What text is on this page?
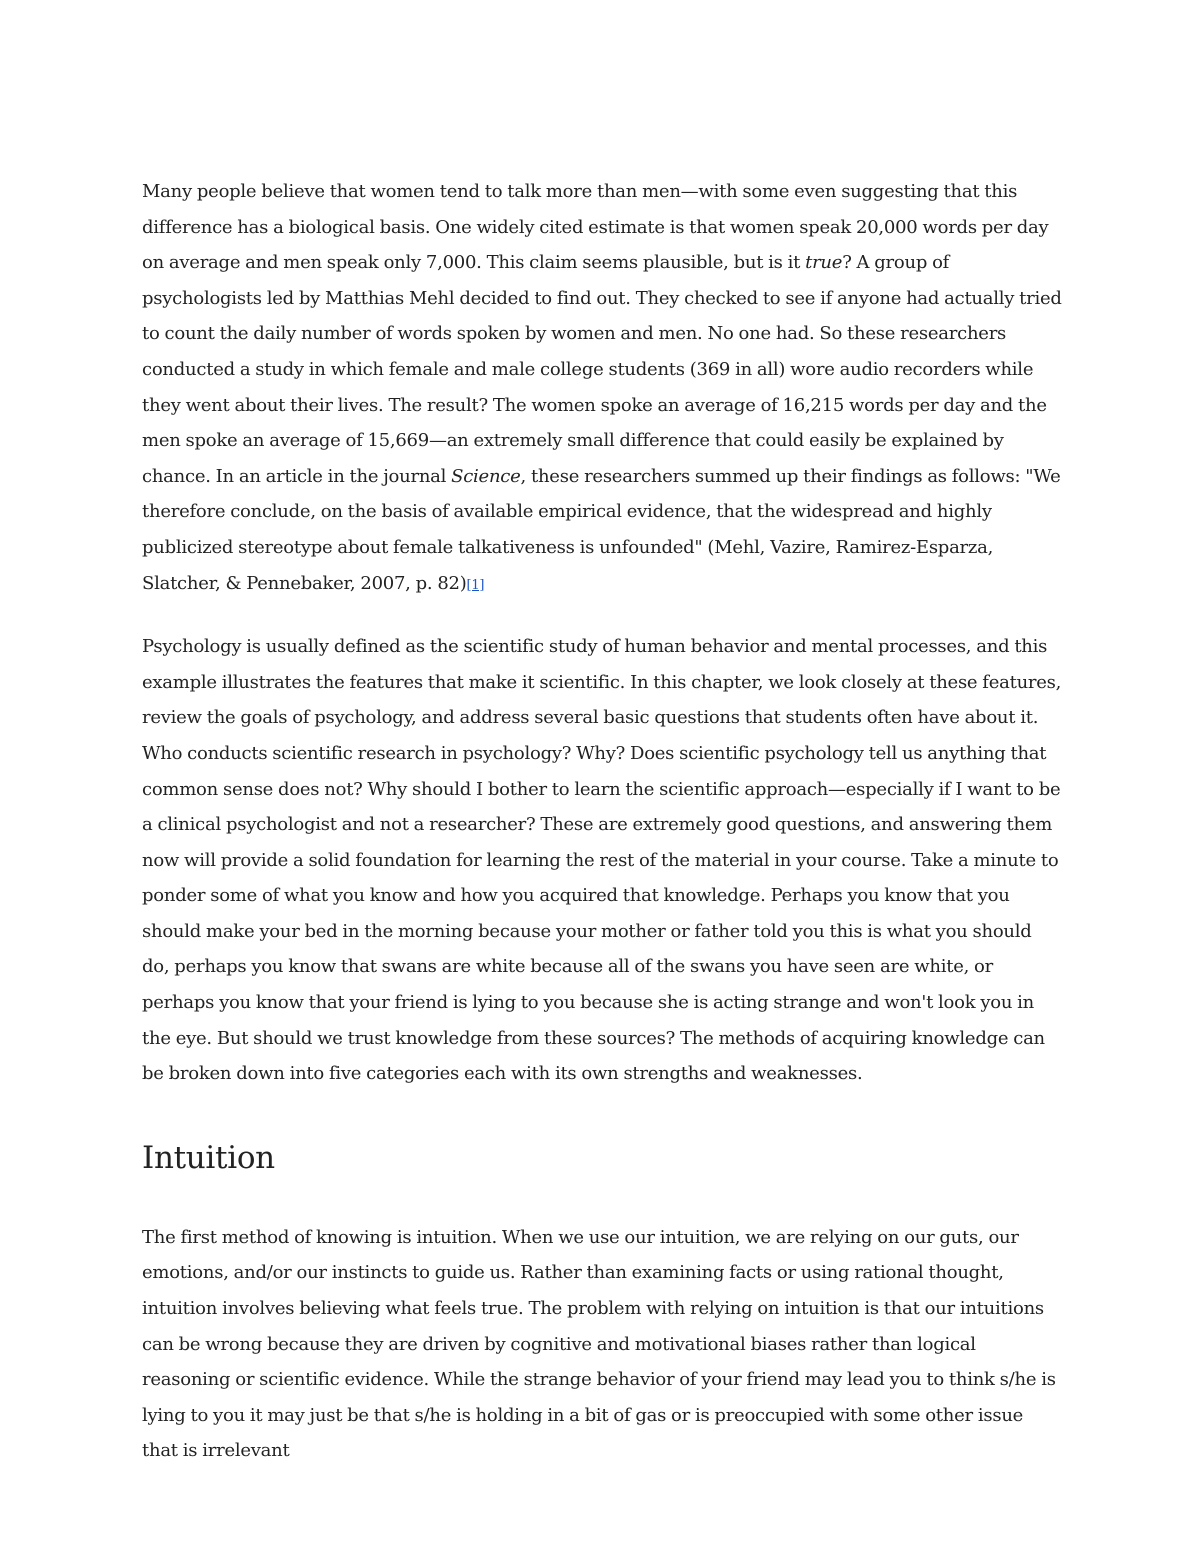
Many people believe that women tend to talk more than men—with some even suggesting that this difference has a biological basis. One widely cited estimate is that women speak 20,000 words per day on average and men speak only 7,000. This claim seems plausible, but is it true? A group of psychologists led by Matthias Mehl decided to find out. They checked to see if anyone had actually tried to count the daily number of words spoken by women and men. No one had. So these researchers conducted a study in which female and male college students (369 in all) wore audio recorders while they went about their lives. The result? The women spoke an average of 16,215 words per day and the men spoke an average of 15,669—an extremely small difference that could easily be explained by chance. In an article in the journal Science, these researchers summed up their findings as follows: "We therefore conclude, on the basis of available empirical evidence, that the widespread and highly publicized stereotype about female talkativeness is unfounded" (Mehl, Vazire, Ramirez-Esparza, Slatcher, & Pennebaker, 2007, p. 82)[1]

Psychology is usually defined as the scientific study of human behavior and mental processes, and this example illustrates the features that make it scientific. In this chapter, we look closely at these features, review the goals of psychology, and address several basic questions that students often have about it. Who conducts scientific research in psychology? Why? Does scientific psychology tell us anything that common sense does not? Why should I bother to learn the scientific approach—especially if I want to be a clinical psychologist and not a researcher? These are extremely good questions, and answering them now will provide a solid foundation for learning the rest of the material in your course. Take a minute to ponder some of what you know and how you acquired that knowledge. Perhaps you know that you should make your bed in the morning because your mother or father told you this is what you should do, perhaps you know that swans are white because all of the swans you have seen are white, or perhaps you know that your friend is lying to you because she is acting strange and won't look you in the eye. But should we trust knowledge from these sources? The methods of acquiring knowledge can be broken down into five categories each with its own strengths and weaknesses.

Intuition

The first method of knowing is intuition. When we use our intuition, we are relying on our guts, our emotions, and/or our instincts to guide us. Rather than examining facts or using rational thought, intuition involves believing what feels true. The problem with relying on intuition is that our intuitions can be wrong because they are driven by cognitive and motivational biases rather than logical reasoning or scientific evidence. While the strange behavior of your friend may lead you to think s/he is lying to you it may just be that s/he is holding in a bit of gas or is preoccupied with some other issue that is irrelevant
